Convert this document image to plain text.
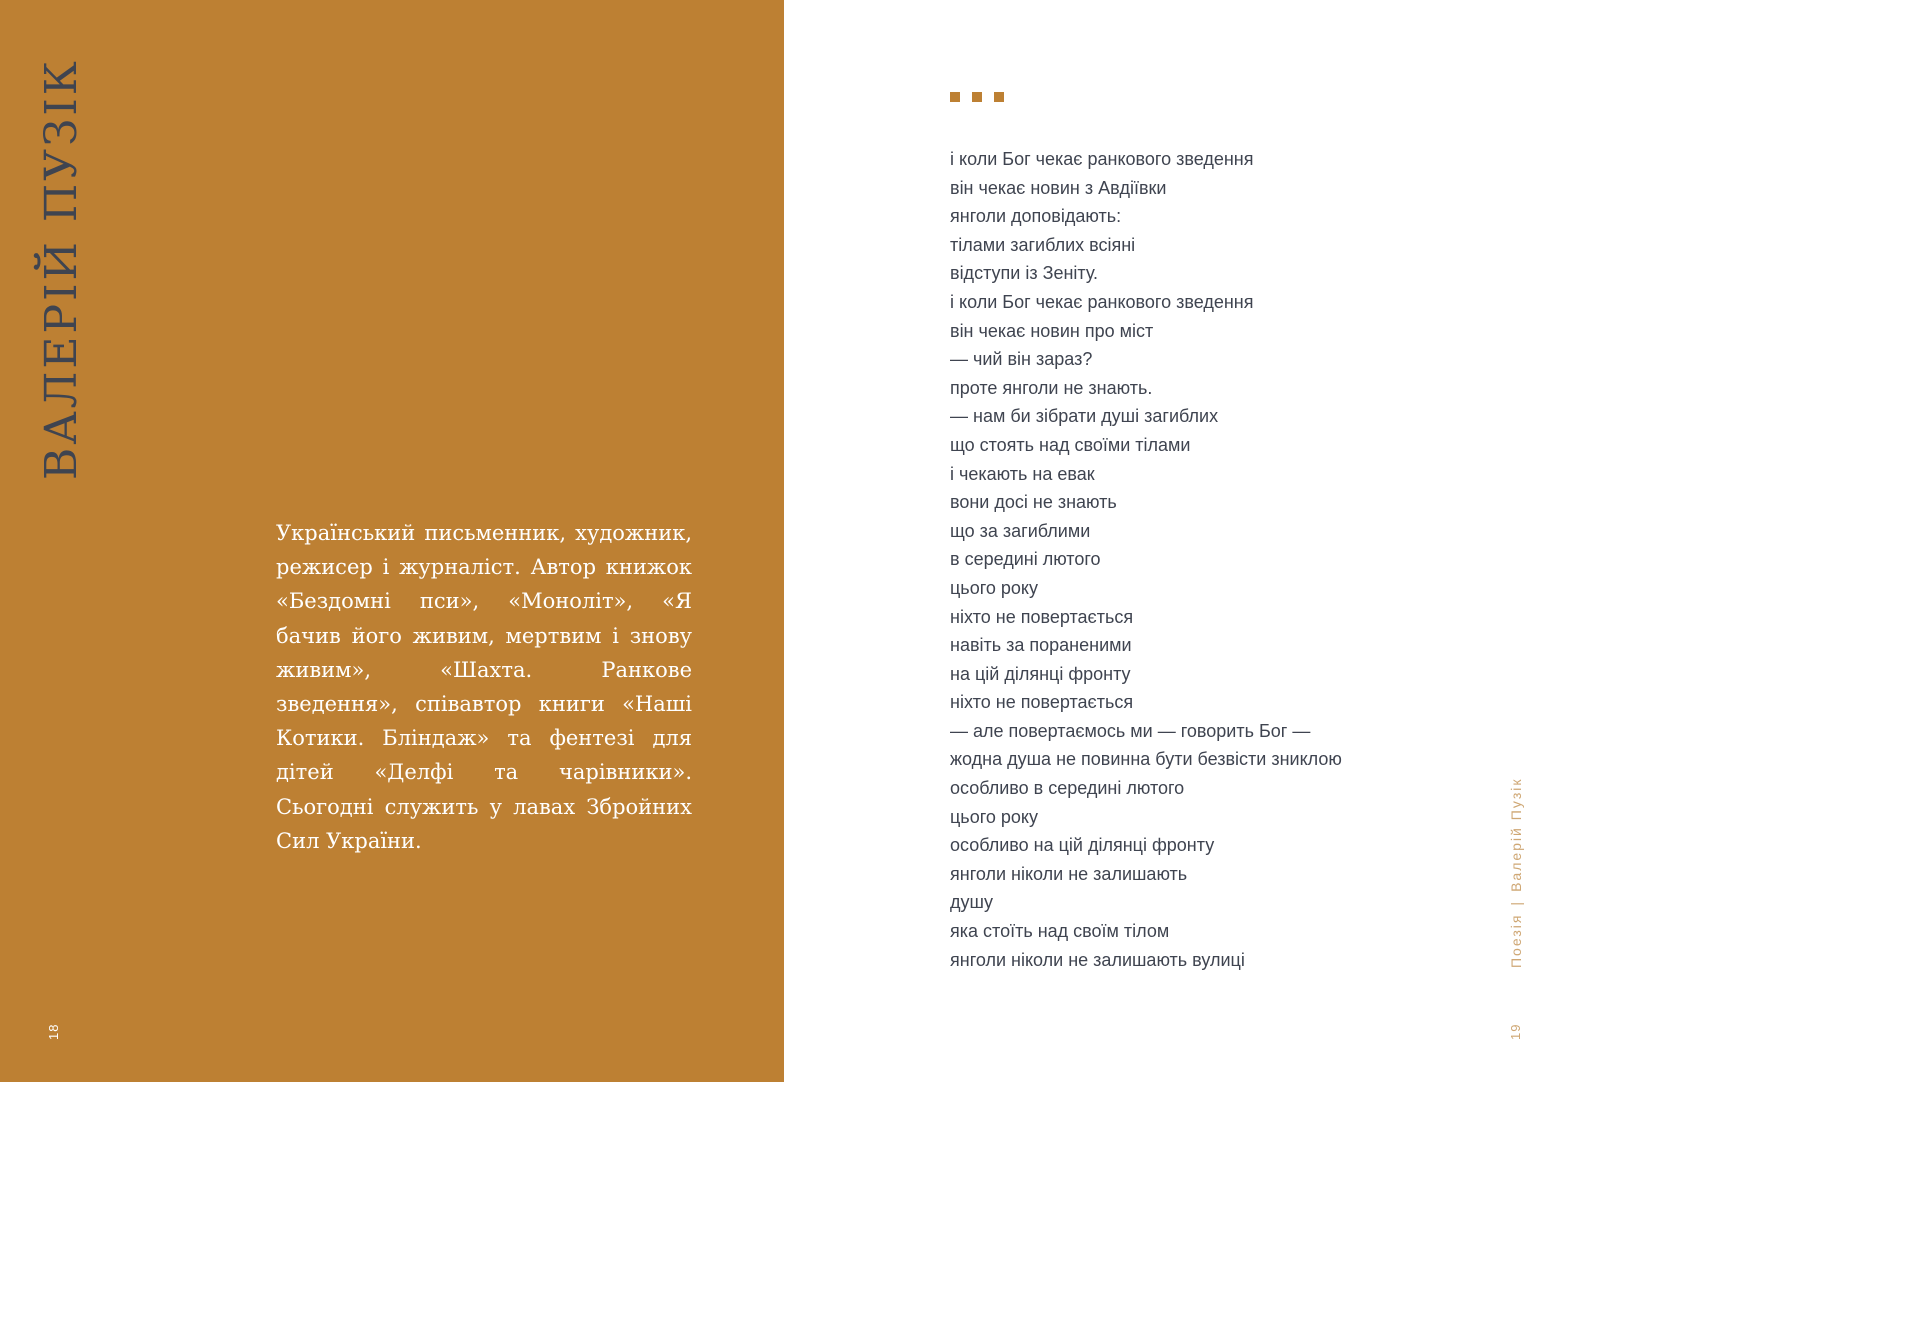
ВАЛЕРІЙ ПУЗІК

Український письменник, художник, режисер і журналіст. Автор книжок «Бездомні пси», «Моноліт», «Я бачив його живим, мертвим і знову живим», «Шахта. Ранкове зведення», співавтор книги «Наші Котики. Бліндаж» та фентезі для дітей «Делфі та чарівники». Сьогодні служить у лавах Збройних Сил України.

18
і коли Бог чекає ранкового зведення
він чекає новин з Авдіївки
янголи доповідають:
тілами загиблих всіяні
відступи із Зеніту.
і коли Бог чекає ранкового зведення
він чекає новин про міст
— чий він зараз?
проте янголи не знають.
— нам би зібрати душі загиблих
що стоять над своїми тілами
і чекають на евак
вони досі не знають
що за загиблими
в середині лютого
цього року
ніхто не повертається
навіть за пораненими
на цій ділянці фронту
ніхто не повертається
— але повертаємось ми — говорить Бог —
жодна душа не повинна бути безвісти зниклою
особливо в середині лютого
цього року
особливо на цій ділянці фронту
янголи ніколи не залишають
душу
яка стоїть над своїм тілом
янголи ніколи не залишають вулиці	Поезія|Валерій Пузік
19
